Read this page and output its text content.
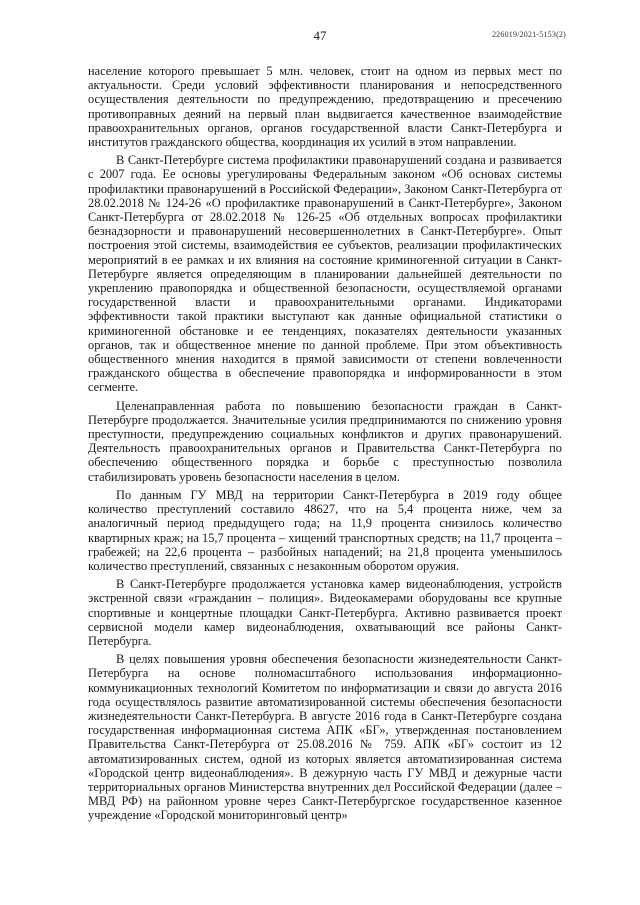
47	226019/2021-5153(2)

население которого превышает 5 млн. человек, стоит на одном из первых мест по актуальности. Среди условий эффективности планирования и непосредственного осуществления деятельности по предупреждению, предотвращению и пресечению противоправных деяний на первый план выдвигается качественное взаимодействие правоохранительных органов, органов государственной власти Санкт-Петербурга и институтов гражданского общества, координация их усилий в этом направлении.

В Санкт-Петербурге система профилактики правонарушений создана и развивается с 2007 года. Ее основы урегулированы Федеральным законом «Об основах системы профилактики правонарушений в Российской Федерации», Законом Санкт-Петербурга от 28.02.2018 № 124-26 «О профилактике правонарушений в Санкт-Петербурге», Законом Санкт-Петербурга от 28.02.2018 № 126-25 «Об отдельных вопросах профилактики безнадзорности и правонарушений несовершеннолетних в Санкт-Петербурге». Опыт построения этой системы, взаимодействия ее субъектов, реализации профилактических мероприятий в ее рамках и их влияния на состояние криминогенной ситуации в Санкт-Петербурге является определяющим в планировании дальнейшей деятельности по укреплению правопорядка и общественной безопасности, осуществляемой органами государственной власти и правоохранительными органами. Индикаторами эффективности такой практики выступают как данные официальной статистики о криминогенной обстановке и ее тенденциях, показателях деятельности указанных органов, так и общественное мнение по данной проблеме. При этом объективность общественного мнения находится в прямой зависимости от степени вовлеченности гражданского общества в обеспечение правопорядка и информированности в этом сегменте.

Целенаправленная работа по повышению безопасности граждан в Санкт-Петербурге продолжается. Значительные усилия предпринимаются по снижению уровня преступности, предупреждению социальных конфликтов и других правонарушений. Деятельность правоохранительных органов и Правительства Санкт-Петербурга по обеспечению общественного порядка и борьбе с преступностью позволила стабилизировать уровень безопасности населения в целом.

По данным ГУ МВД на территории Санкт-Петербурга в 2019 году общее количество преступлений составило 48627, что на 5,4 процента ниже, чем за аналогичный период предыдущего года; на 11,9 процента снизилось количество квартирных краж; на 15,7 процента – хищений транспортных средств; на 11,7 процента – грабежей; на 22,6 процента – разбойных нападений; на 21,8 процента уменьшилось количество преступлений, связанных с незаконным оборотом оружия.

В Санкт-Петербурге продолжается установка камер видеонаблюдения, устройств экстренной связи «гражданин – полиция». Видеокамерами оборудованы все крупные спортивные и концертные площадки Санкт-Петербурга. Активно развивается проект сервисной модели камер видеонаблюдения, охватывающий все районы Санкт-Петербурга.

В целях повышения уровня обеспечения безопасности жизнедеятельности Санкт-Петербурга на основе полномасштабного использования информационно-коммуникационных технологий Комитетом по информатизации и связи до августа 2016 года осуществлялось развитие автоматизированной системы обеспечения безопасности жизнедеятельности Санкт-Петербурга. В августе 2016 года в Санкт-Петербурге создана государственная информационная система АПК «БГ», утвержденная постановлением Правительства Санкт-Петербурга от 25.08.2016 № 759. АПК «БГ» состоит из 12 автоматизированных систем, одной из которых является автоматизированная система «Городской центр видеонаблюдения». В дежурную часть ГУ МВД и дежурные части территориальных органов Министерства внутренних дел Российской Федерации (далее – МВД РФ) на районном уровне через Санкт-Петербургское государственное казенное учреждение «Городской мониторинговый центр»
